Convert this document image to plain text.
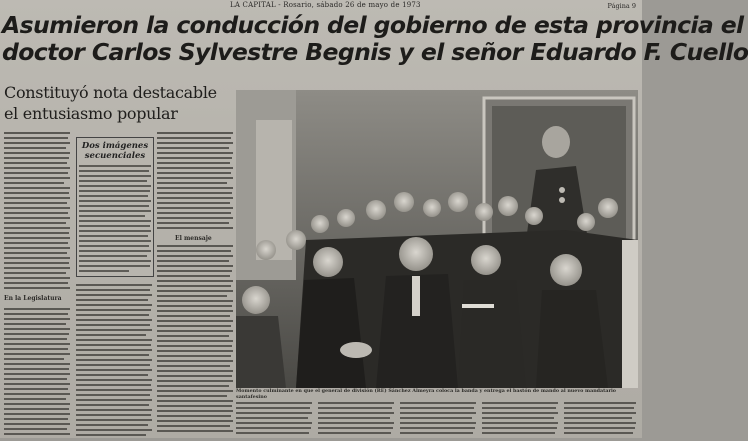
LA CAPITAL - Rosario, sábado 26 de mayo de 1973	Página 9
Asumieron la conducción del gobierno de esta provincia el
doctor Carlos Sylvestre Begnis y el señor Eduardo F. Cuello
Constituyó nota destacable
el entusiasmo popular
En la Legislatura
Dos imágenes secuenciales
El mensaje
Momento culminante en que el general de división (RE) Sánchez Almeyra coloca la banda y entrega el bastón de mando al nuevo mandatario santafesino
